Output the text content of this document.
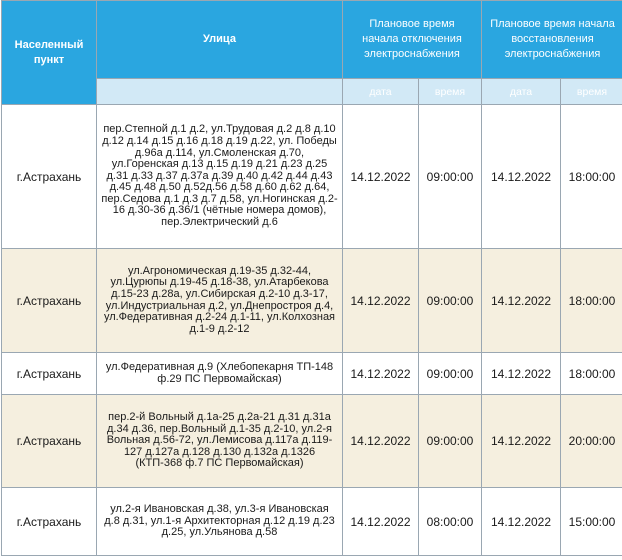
Населенный пункт	Улица	Плановое время начала отключения электроснабжения		Плановое время начала восстановления электроснабжения	
		дата	время	дата	время
г.Астрахань	пер.Степной д.1 д.2, ул.Трудовая д.2 д.8 д.10 д.12 д.14 д.15 д.16 д.18 д.19 д.22, ул. Победы д.96а д.114, ул.Смоленская д.70, ул.Горенская д.13 д.15 д.19 д.21 д.23 д.25 д.31 д.33 д.37 д.37а д.39 д.40 д.42 д.44 д.43 д.45 д.48 д.50 д.52д.56 д.58 д.60 д.62 д.64, пер.Седова д.1 д.3 д.7 д.58, ул.Ногинская д.2-16 д.30-36 д.36/1 (чётные номера домов), пер.Электрический д.6	14.12.2022	09:00:00	14.12.2022	18:00:00
г.Астрахань	ул.Агрономическая д.19-35 д.32-44, ул.Цурюпы д.19-45 д.18-38, ул.Атарбекова д.15-23 д.28а, ул.Сибирская д.2-10 д.3-17, ул.Индустриальная д.2, ул.Днепрострoя д.4, ул.Федеративная д.2-24 д.1-11, ул.Колхозная д.1-9 д.2-12	14.12.2022	09:00:00	14.12.2022	18:00:00
г.Астрахань	ул.Федеративная д.9 (Хлебопекарня ТП-148 ф.29 ПС Первомайская)	14.12.2022	09:00:00	14.12.2022	18:00:00
г.Астрахань	пер.2-й Вольный д.1а-25 д.2а-21 д.31 д.31а д.34 д.36, пер.Вольный д.1-35 д.2-10, ул.2-я Вольная д.56-72, ул.Лемисова д.117а д.119-127 д.127а д.128 д.130 д.132а д.1326 (КТП-368 ф.7 ПС Первомайская)	14.12.2022	09:00:00	14.12.2022	20:00:00
г.Астрахань	ул.2-я Ивановская д.38, ул.3-я Ивановская д.8 д.31, ул.1-я Архитекторная д.12 д.19 д.23 д.25, ул.Ульянова д.58	14.12.2022	08:00:00	14.12.2022	15:00:00
